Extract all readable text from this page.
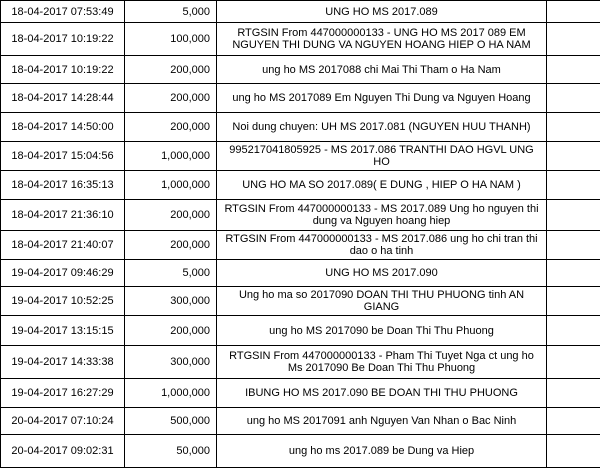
18-04-2017 07:53:49	5,000	UNG HO MS 2017.089	
18-04-2017 10:19:22	100,000	RTGSIN From 447000000133 - UNG HO MS 2017 089 EM NGUYEN THI DUNG VA NGUYEN HOANG HIEP O HA NAM	
18-04-2017 10:19:22	200,000	ung ho MS 2017088 chi Mai Thi Tham o Ha Nam	
18-04-2017 14:28:44	200,000	ung ho MS 2017089 Em Nguyen Thi Dung va Nguyen Hoang	
18-04-2017 14:50:00	200,000	Noi dung chuyen: UH MS 2017.081 (NGUYEN HUU THANH)	
18-04-2017 15:04:56	1,000,000	995217041805925 - MS 2017.086 TRANTHI DAO HGVL UNG HO	
18-04-2017 16:35:13	1,000,000	UNG HO MA SO 2017.089( E DUNG , HIEP O HA NAM )	
18-04-2017 21:36:10	200,000	RTGSIN From 447000000133 - MS 2017.089 Ung ho nguyen thi dung va Nguyen hoang hiep	
18-04-2017 21:40:07	200,000	RTGSIN From 447000000133 - MS 2017.086 ung ho chi tran thi dao o ha tinh	
19-04-2017 09:46:29	5,000	UNG HO MS 2017.090	
19-04-2017 10:52:25	300,000	Ung ho ma so 2017090 DOAN THI THU PHUONG tinh AN GIANG	
19-04-2017 13:15:15	200,000	ung ho MS 2017090 be Doan Thi Thu Phuong	
19-04-2017 14:33:38	300,000	RTGSIN From 447000000133 - Pham Thi Tuyet Nga ct ung ho Ms 2017090 Be Doan Thi Thu Phuong	
19-04-2017 16:27:29	1,000,000	IBUNG HO MS 2017.090 BE DOAN THI THU PHUONG	
20-04-2017 07:10:24	500,000	ung ho MS 2017091 anh Nguyen Van Nhan o Bac Ninh	
20-04-2017 09:02:31	50,000	ung ho ms 2017.089 be Dung va Hiep	
